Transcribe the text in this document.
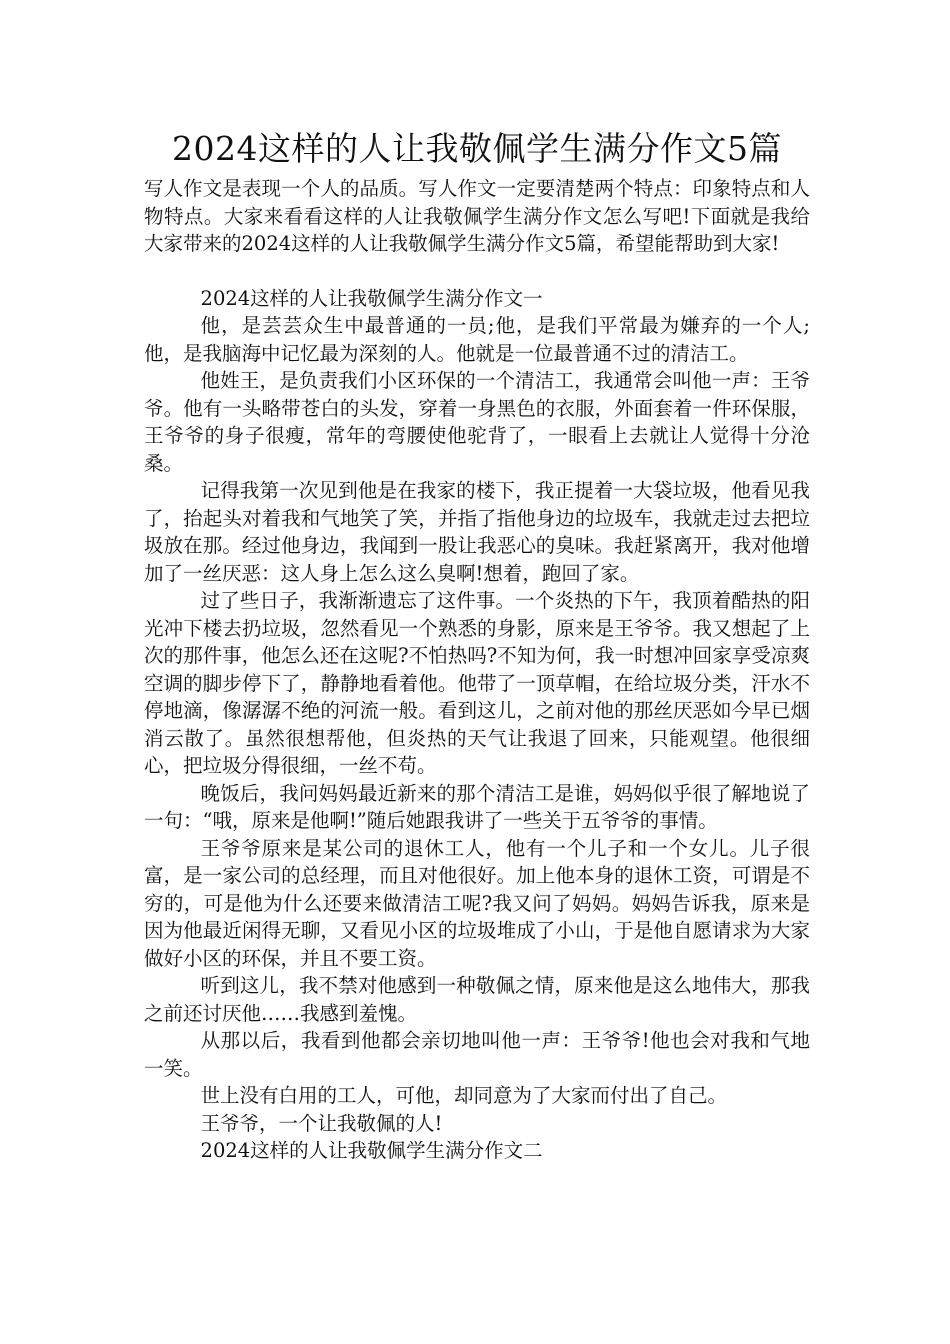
2024这样的人让我敬佩学生满分作文5篇

写人作文是表现一个人的品质。写人作文一定要清楚两个特点：印象特点和人物特点。大家来看看这样的人让我敬佩学生满分作文怎么写吧!下面就是我给大家带来的2024这样的人让我敬佩学生满分作文5篇，希望能帮助到大家!

2024这样的人让我敬佩学生满分作文一

他，是芸芸众生中最普通的一员;他，是我们平常最为嫌弃的一个人;他，是我脑海中记忆最为深刻的人。他就是一位最普通不过的清洁工。

他姓王，是负责我们小区环保的一个清洁工，我通常会叫他一声：王爷爷。他有一头略带苍白的头发，穿着一身黑色的衣服，外面套着一件环保服，王爷爷的身子很瘦，常年的弯腰使他驼背了，一眼看上去就让人觉得十分沧桑。

记得我第一次见到他是在我家的楼下，我正提着一大袋垃圾，他看见我了，抬起头对着我和气地笑了笑，并指了指他身边的垃圾车，我就走过去把垃圾放在那。经过他身边，我闻到一股让我恶心的臭味。我赶紧离开，我对他增加了一丝厌恶：这人身上怎么这么臭啊!想着，跑回了家。

过了些日子，我渐渐遗忘了这件事。一个炎热的下午，我顶着酷热的阳光冲下楼去扔垃圾，忽然看见一个熟悉的身影，原来是王爷爷。我又想起了上次的那件事，他怎么还在这呢?不怕热吗?不知为何，我一时想冲回家享受凉爽空调的脚步停下了，静静地看着他。他带了一顶草帽，在给垃圾分类，汗水不停地滴，像潺潺不绝的河流一般。看到这儿，之前对他的那丝厌恶如今早已烟消云散了。虽然很想帮他，但炎热的天气让我退了回来，只能观望。他很细心，把垃圾分得很细，一丝不苟。

晚饭后，我问妈妈最近新来的那个清洁工是谁，妈妈似乎很了解地说了一句：“哦，原来是他啊!”随后她跟我讲了一些关于五爷爷的事情。

王爷爷原来是某公司的退休工人，他有一个儿子和一个女儿。儿子很富，是一家公司的总经理，而且对他很好。加上他本身的退休工资，可谓是不穷的，可是他为什么还要来做清洁工呢?我又问了妈妈。妈妈告诉我，原来是因为他最近闲得无聊，又看见小区的垃圾堆成了小山，于是他自愿请求为大家做好小区的环保，并且不要工资。

听到这儿，我不禁对他感到一种敬佩之情，原来他是这么地伟大，那我之前还讨厌他……我感到羞愧。

从那以后，我看到他都会亲切地叫他一声：王爷爷!他也会对我和气地一笑。

世上没有白用的工人，可他，却同意为了大家而付出了自己。

王爷爷，一个让我敬佩的人!

2024这样的人让我敬佩学生满分作文二
